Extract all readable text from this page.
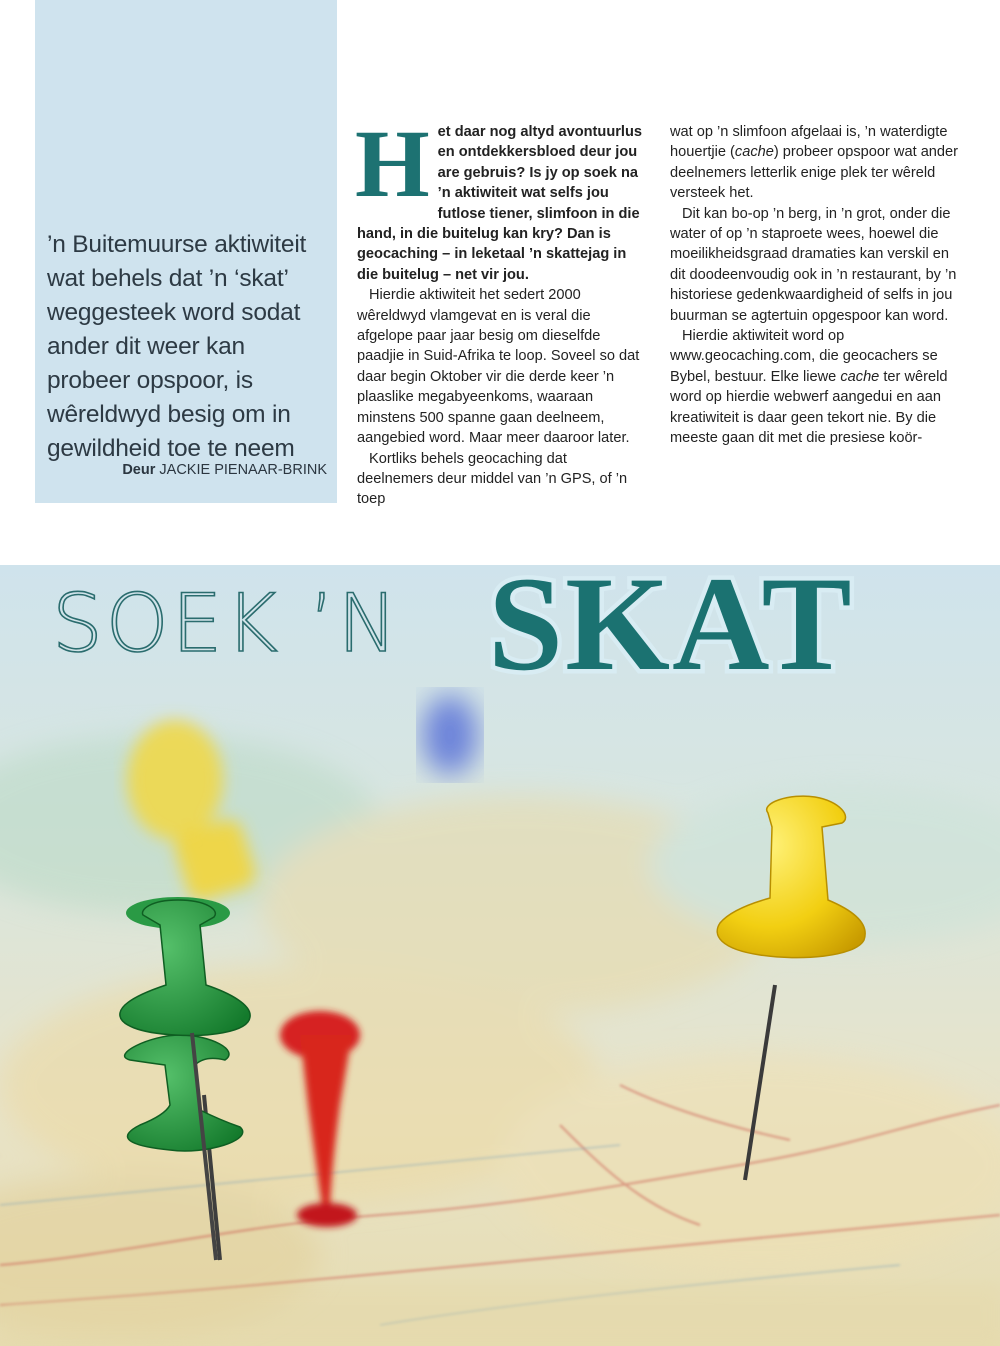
’n Buitemuurse aktiwiteit wat behels dat ’n ‘skat’ weggesteek word sodat ander dit weer kan probeer opspoor, is wêreldwyd besig om in gewildheid toe te neem
Deur JACKIE PIENAAR-BRINK

Het daar nog altyd avontuurlus en ontdekkersbloed deur jou are gebruis? Is jy op soek na ’n aktiwiteit wat selfs jou futlose tiener, slimfoon in die hand, in die buitelug kan kry? Dan is geocaching – in leketaal ’n skattejag in die buitelug – net vir jou.

Hierdie aktiwiteit het sedert 2000 wêreldwyd vlamgevat en is veral die afgelope paar jaar besig om dieselfde paadjie in Suid-Afrika te loop. Soveel so dat daar begin Oktober vir die derde keer ’n plaaslike megabyeenkoms, waaraan minstens 500 spanne gaan deelneem, aangebied word. Maar meer daaroor later.

Kortliks behels geocaching dat deelnemers deur middel van ’n GPS, of ’n toep

wat op ’n slimfoon afgelaai is, ’n waterdigte houertjie (cache) probeer opspoor wat ander deelnemers letterlik enige plek ter wêreld versteek het.

Dit kan bo-op ’n berg, in ’n grot, onder die water of op ’n staproete wees, hoewel die moeilikheidsgraad dramaties kan verskil en dit doodeenvoudig ook in ’n restaurant, by ’n historiese gedenkwaardigheid of selfs in jou buurman se agtertuin opgespoor kan word.

Hierdie aktiwiteit word op www.geocaching.com, die geocachers se Bybel, bestuur. Elke liewe cache ter wêreld word op hierdie webwerf aangedui en aan kreatiwiteit is daar geen tekort nie. By die meeste gaan dit met die presiese koör-

SOEK ’N SKAT
